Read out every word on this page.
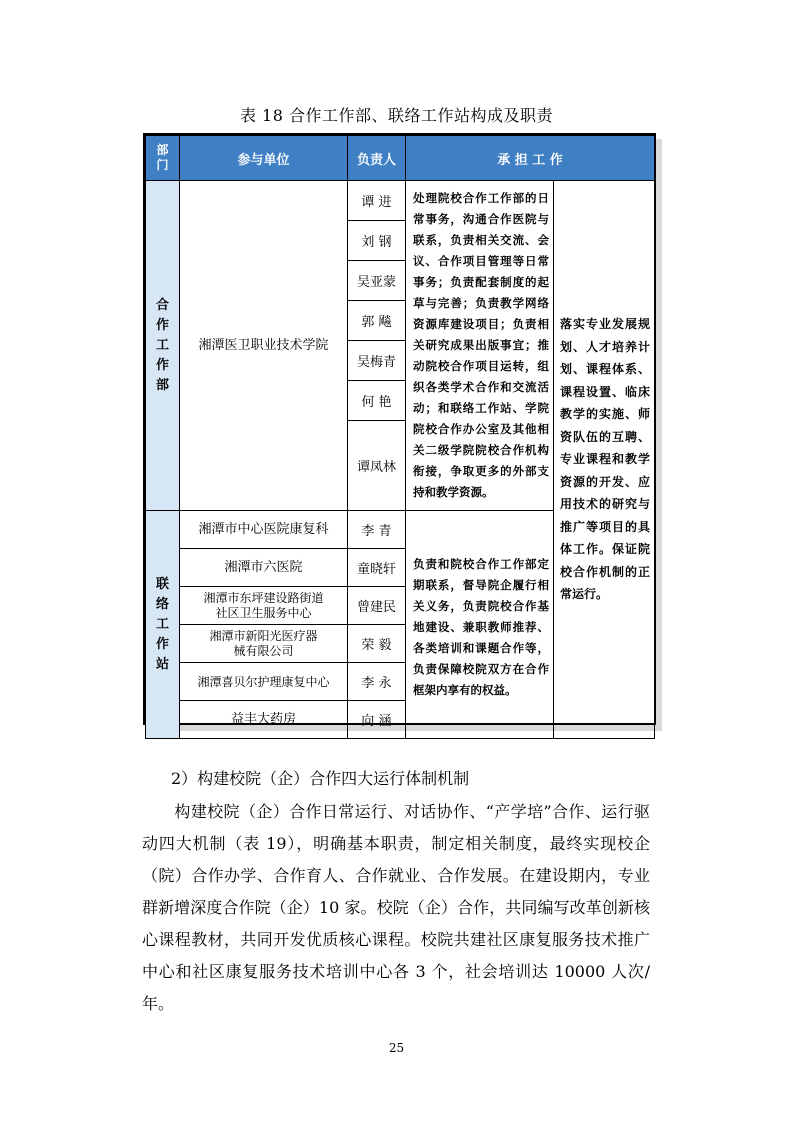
表 18 合作工作部、联络工作站构成及职责
部门	参与单位	负责人	承 担 工 作	
合作工作部	湘潭医卫职业技术学院	谭 进	处理院校合作工作部的日常事务，沟通合作医院与联系，负责相关交流、会议、合作项目管理等日常事务；负责配套制度的起草与完善；负责教学网络资源库建设项目；负责相关研究成果出版事宜；推动院校合作项目运转，组织各类学术合作和交流活动；和联络工作站、学院院校合作办公室及其他相关二级学院院校合作机构衔接，争取更多的外部支持和教学资源。	落实专业发展规划、人才培养计划、课程体系、课程设置、临床教学的实施、师资队伍的互聘、专业课程和教学资源的开发、应用技术的研究与推广等项目的具体工作。保证院校合作机制的正常运行。
		刘 钢		
		吴亚蒙		
		郭 飚		
		吴梅青		
		何 艳		
		谭凤林		
联络工作站	湘潭市中心医院康复科	李 青	负责和院校合作工作部定期联系，督导院企履行相关义务，负责院校合作基地建设、兼职教师推荐、各类培训和课题合作等，负责保障校院双方在合作框架内享有的权益。	
	湘潭市六医院	童晓轩		
	湘潭市东坪建设路街道社区卫生服务中心	曾建民		
	湘潭市新阳光医疗器械有限公司	荣 毅		
	湘潭喜贝尔护理康复中心	李 永		
	益丰大药房	向 涵		
2）构建校院（企）合作四大运行体制机制
构建校院（企）合作日常运行、对话协作、“产学培”合作、运行驱动四大机制（表 19），明确基本职责，制定相关制度，最终实现校企（院）合作办学、合作育人、合作就业、合作发展。在建设期内，专业群新增深度合作院（企）10 家。校院（企）合作，共同编写改革创新核心课程教材，共同开发优质核心课程。校院共建社区康复服务技术推广中心和社区康复服务技术培训中心各 3 个，社会培训达 10000 人次/年。
25
